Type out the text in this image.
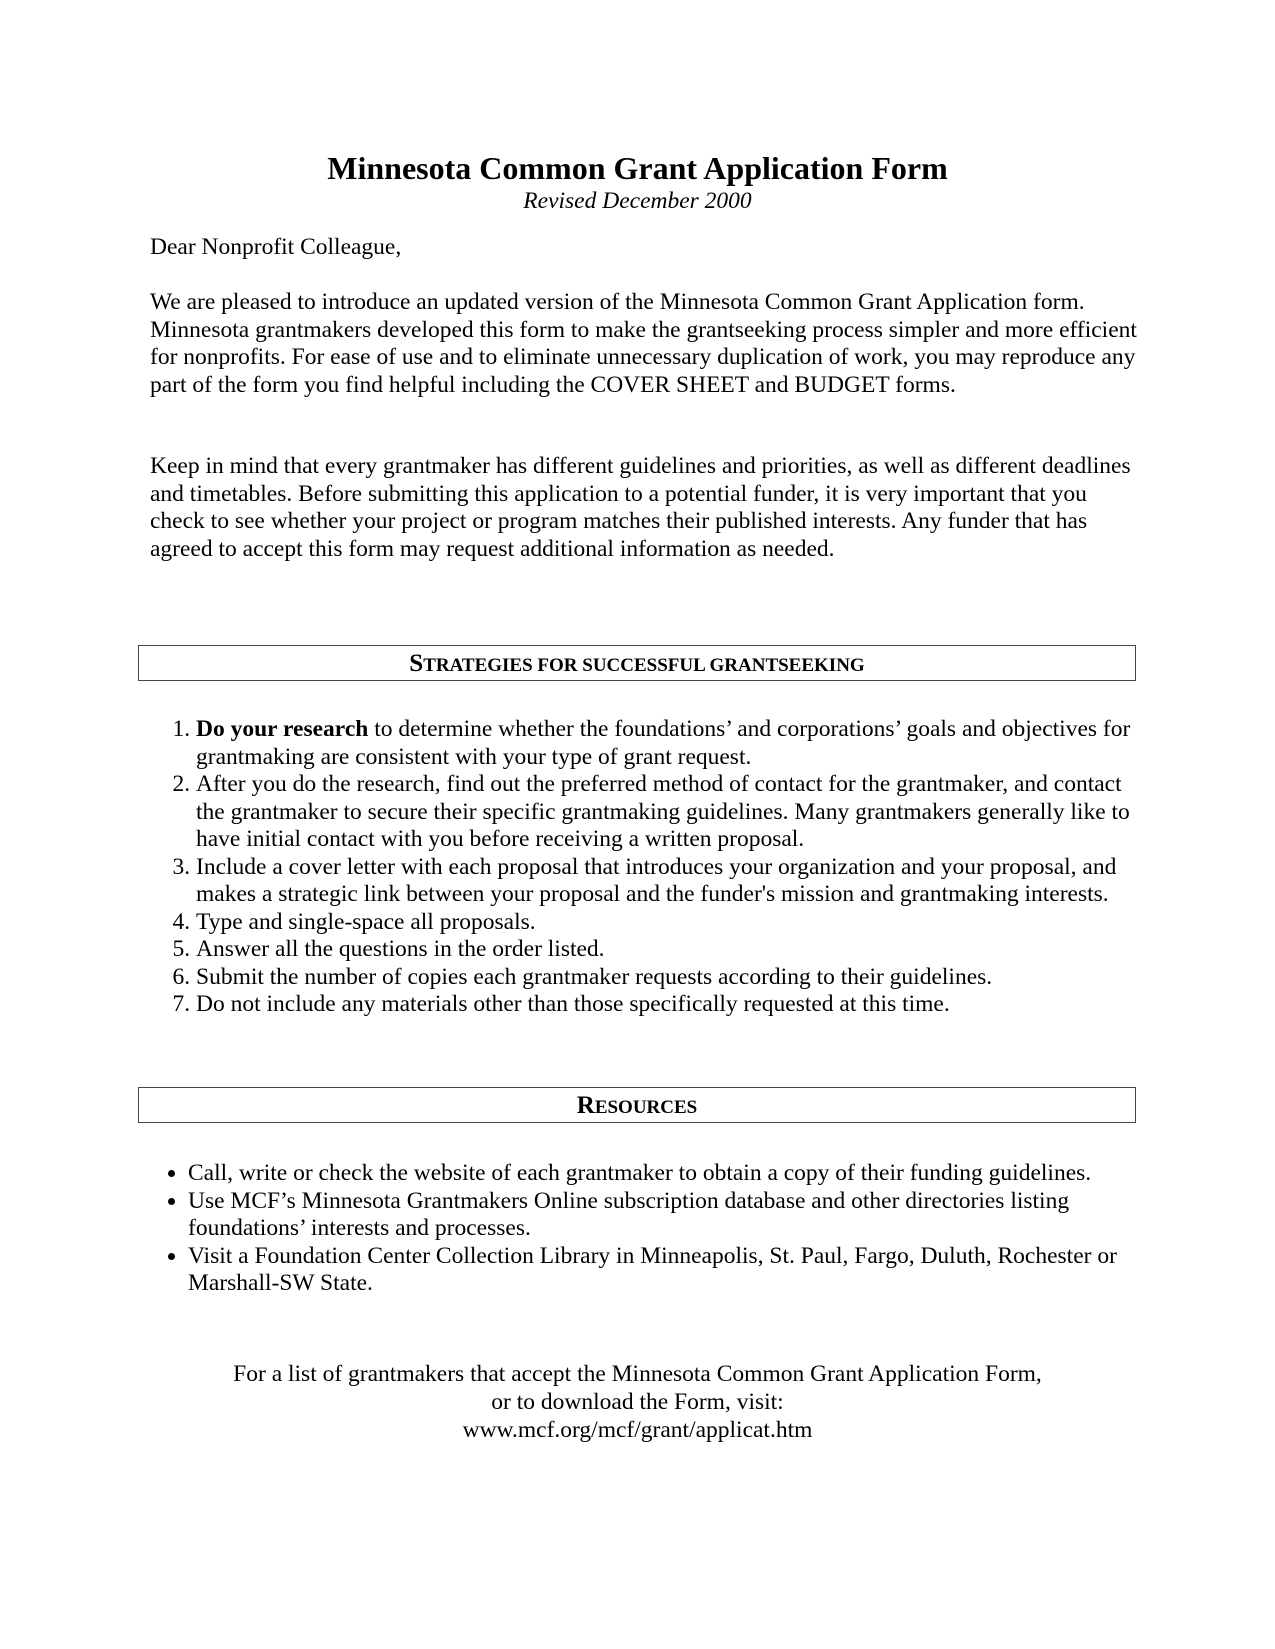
Minnesota Common Grant Application Form
Revised December 2000

Dear Nonprofit Colleague,

We are pleased to introduce an updated version of the Minnesota Common Grant Application form. Minnesota grantmakers developed this form to make the grantseeking process simpler and more efficient for nonprofits. For ease of use and to eliminate unnecessary duplication of work, you may reproduce any part of the form you find helpful including the COVER SHEET and BUDGET forms.

Keep in mind that every grantmaker has different guidelines and priorities, as well as different deadlines and timetables. Before submitting this application to a potential funder, it is very important that you check to see whether your project or program matches their published interests. Any funder that has agreed to accept this form may request additional information as needed.

STRATEGIES FOR SUCCESSFUL GRANTSEEKING
1. Do your research to determine whether the foundations’ and corporations’ goals and objectives for grantmaking are consistent with your type of grant request.
2. After you do the research, find out the preferred method of contact for the grantmaker, and contact the grantmaker to secure their specific grantmaking guidelines. Many grantmakers generally like to have initial contact with you before receiving a written proposal.
3. Include a cover letter with each proposal that introduces your organization and your proposal, and makes a strategic link between your proposal and the funder's mission and grantmaking interests.
4. Type and single-space all proposals.
5. Answer all the questions in the order listed.
6. Submit the number of copies each grantmaker requests according to their guidelines.
7. Do not include any materials other than those specifically requested at this time.
RESOURCES
• Call, write or check the website of each grantmaker to obtain a copy of their funding guidelines.
• Use MCF’s Minnesota Grantmakers Online subscription database and other directories listing foundations’ interests and processes.
• Visit a Foundation Center Collection Library in Minneapolis, St. Paul, Fargo, Duluth, Rochester or Marshall-SW State.
For a list of grantmakers that accept the Minnesota Common Grant Application Form,
or to download the Form, visit:
www.mcf.org/mcf/grant/applicat.htm
